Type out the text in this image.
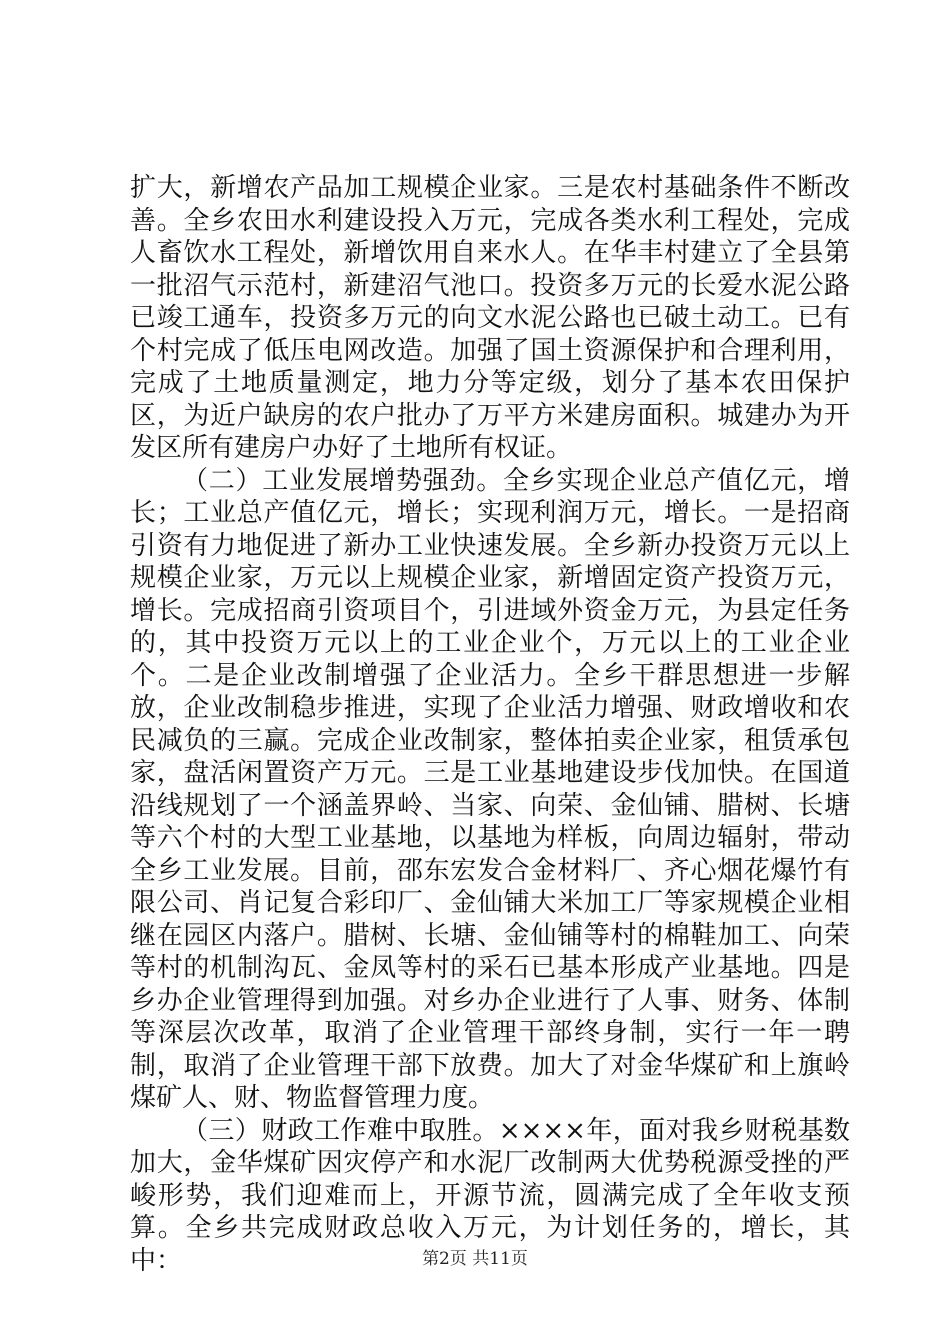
扩大，新增农产品加工规模企业家。三是农村基础条件不断改善。全乡农田水利建设投入万元，完成各类水利工程处，完成人畜饮水工程处，新增饮用自来水人。在华丰村建立了全县第一批沼气示范村，新建沼气池口。投资多万元的长爱水泥公路已竣工通车，投资多万元的向文水泥公路也已破土动工。已有个村完成了低压电网改造。加强了国土资源保护和合理利用，完成了土地质量测定，地力分等定级，划分了基本农田保护区，为近户缺房的农户批办了万平方米建房面积。城建办为开发区所有建房户办好了土地所有权证。

（二）工业发展增势强劲。全乡实现企业总产值亿元，增长；工业总产值亿元，增长；实现利润万元，增长。一是招商引资有力地促进了新办工业快速发展。全乡新办投资万元以上规模企业家，万元以上规模企业家，新增固定资产投资万元，增长。完成招商引资项目个，引进域外资金万元，为县定任务的，其中投资万元以上的工业企业个，万元以上的工业企业个。二是企业改制增强了企业活力。全乡干群思想进一步解放，企业改制稳步推进，实现了企业活力增强、财政增收和农民减负的三赢。完成企业改制家，整体拍卖企业家，租赁承包家，盘活闲置资产万元。三是工业基地建设步伐加快。在国道沿线规划了一个涵盖界岭、当家、向荣、金仙铺、腊树、长塘等六个村的大型工业基地，以基地为样板，向周边辐射，带动全乡工业发展。目前，邵东宏发合金材料厂、齐心烟花爆竹有限公司、肖记复合彩印厂、金仙铺大米加工厂等家规模企业相继在园区内落户。腊树、长塘、金仙铺等村的棉鞋加工、向荣等村的机制沟瓦、金凤等村的采石已基本形成产业基地。四是乡办企业管理得到加强。对乡办企业进行了人事、财务、体制等深层次改革，取消了企业管理干部终身制，实行一年一聘制，取消了企业管理干部下放费。加大了对金华煤矿和上旗岭煤矿人、财、物监督管理力度。

（三）财政工作难中取胜。××××年，面对我乡财税基数加大，金华煤矿因灾停产和水泥厂改制两大优势税源受挫的严峻形势，我们迎难而上，开源节流，圆满完成了全年收支预算。全乡共完成财政总收入万元，为计划任务的，增长，其中：	第2页 共11页
